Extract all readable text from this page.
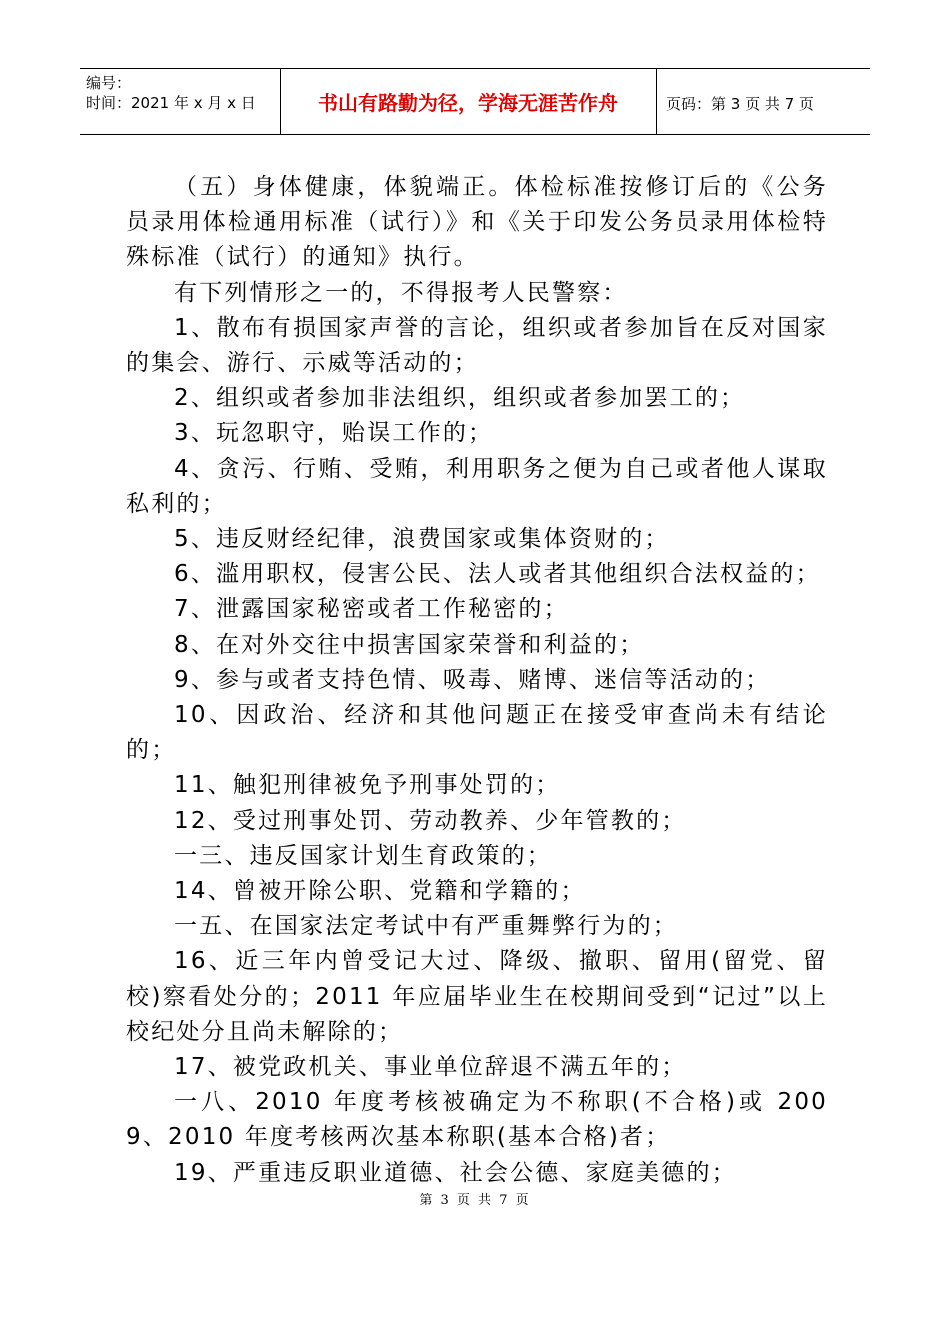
编号：
时间：2021 年 x 月 x 日	书山有路勤为径，学海无涯苦作舟	页码：第 3 页 共 7 页

（五）身体健康，体貌端正。体检标准按修订后的《公务员录用体检通用标准（试行）》和《关于印发公务员录用体检特殊标准（试行）的通知》执行。

有下列情形之一的，不得报考人民警察：

1、散布有损国家声誉的言论，组织或者参加旨在反对国家的集会、游行、示威等活动的；

2、组织或者参加非法组织，组织或者参加罢工的；

3、玩忽职守，贻误工作的；

4、贪污、行贿、受贿，利用职务之便为自己或者他人谋取私利的；

5、违反财经纪律，浪费国家或集体资财的；

6、滥用职权，侵害公民、法人或者其他组织合法权益的；

7、泄露国家秘密或者工作秘密的；

8、在对外交往中损害国家荣誉和利益的；

9、参与或者支持色情、吸毒、赌博、迷信等活动的；

10、因政治、经济和其他问题正在接受审查尚未有结论的；

11、触犯刑律被免予刑事处罚的；

12、受过刑事处罚、劳动教养、少年管教的；

一三、违反国家计划生育政策的；

14、曾被开除公职、党籍和学籍的；

一五、在国家法定考试中有严重舞弊行为的；

16、近三年内曾受记大过、降级、撤职、留用(留党、留校)察看处分的；2011 年应届毕业生在校期间受到“记过”以上校纪处分且尚未解除的；

17、被党政机关、事业单位辞退不满五年的；

一八、2010 年度考核被确定为不称职(不合格)或 2009、2010 年度考核两次基本称职(基本合格)者；

19、严重违反职业道德、社会公德、家庭美德的；

第 3 页 共 7 页
